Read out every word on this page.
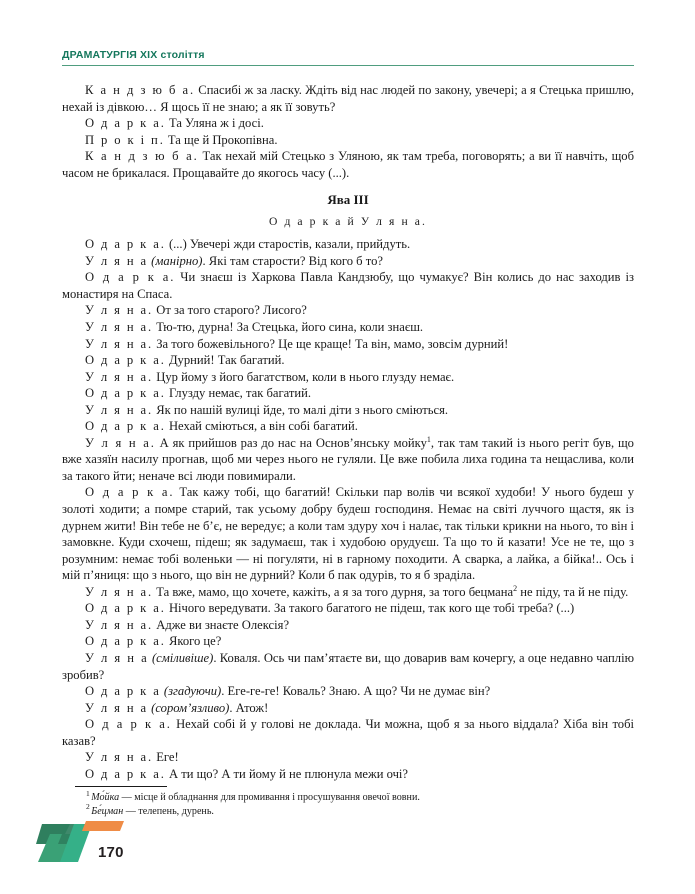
ДРАМАТУРГІЯ XIX століття

К а н д з ю б а. Спасибі ж за ласку. Ждіть від нас людей по закону, увечері; а я Стецька пришлю, нехай із дівкою… Я щось її не знаю; а як її зовуть?

О д а р к а. Та Уляна ж і досі.

П р о к і п. Та ще й Прокопівна.

К а н д з ю б а. Так нехай мій Стецько з Уляною, як там треба, поговорять; а ви її навчіть, щоб часом не брикалася. Прощавайте до якогось часу (...).

Ява III

О д а р к а й У л я н а.

О д а р к а. (...) Увечері жди старостів, казали, прийдуть.

У л я н а (манірно). Які там старости? Від кого б то?

О д а р к а. Чи знаєш із Харкова Павла Кандзюбу, що чумакує? Він колись до нас заходив із монастиря на Спаса.

У л я н а. От за того старого? Лисого?

У л я н а. Тю-тю, дурна! За Стецька, його сина, коли знаєш.

У л я н а. За того божевільного? Це ще краще! Та він, мамо, зовсім дурний!

О д а р к а. Дурний! Так багатий.

У л я н а. Цур йому з його багатством, коли в нього глузду немає.

О д а р к а. Глузду немає, так багатий.

У л я н а. Як по нашій вулиці йде, то малі діти з нього сміються.

О д а р к а. Нехай сміються, а він собі багатий.

У л я н а. А як прийшов раз до нас на Основ’янську мойку$^1$, так там такий із нього регіт був, що вже хазяїн насилу прогнав, щоб ми через нього не гуляли. Це вже побила лиха година та нещаслива, коли за такого йти; неначе всі люди повимирали.

О д а р к а. Так кажу тобі, що багатий! Скільки пар волів чи всякої худоби! У нього будеш у золоті ходити; а помре старий, так усьому добру будеш господиня. Немає на світі луччого щастя, як із дурнем жити! Він тебе не б’є, не вередує; а коли там здуру хоч і налає, так тільки крикни на нього, то він і замовкне. Куди схочеш, підеш; як задумаєш, так і худобою орудуєш. Та що то й казати! Усе не те, що з розумним: немає тобі воленьки — ні погуляти, ні в гарному походити. А сварка, а лайка, а бійка!.. Ось і мій п’яниця: що з нього, що він не дурний? Коли б пак одурів, то я б зраділа.

У л я н а. Та вже, мамо, що хочете, кажіть, а я за того дурня, за того бецмана$^2$ не піду, та й не піду.

О д а р к а. Нічого вередувати. За такого багатого не підеш, так кого ще тобі треба? (...)

У л я н а. Адже ви знаєте Олексія?

О д а р к а. Якого це?

У л я н а (сміливіше). Коваля. Ось чи пам’ятаєте ви, що доварив вам кочергу, а оце недавно чаплію зробив?

О д а р к а (згадуючи). Еге-ге-ге! Коваль? Знаю. А що? Чи не думає він?

У л я н а (сором’язливо). Атож!

О д а р к а. Нехай собі й у голові не доклада. Чи можна, щоб я за нього віддала? Хіба він тобі казав?

У л я н а. Еге!

О д а р к а. А ти що? А ти йому й не плюнула межи очі?

$^1$ Мо́йка — місце й обладнання для промивання і просушування овечої вовни.

$^2$ Бе́цман — телепень, дурень.

170
